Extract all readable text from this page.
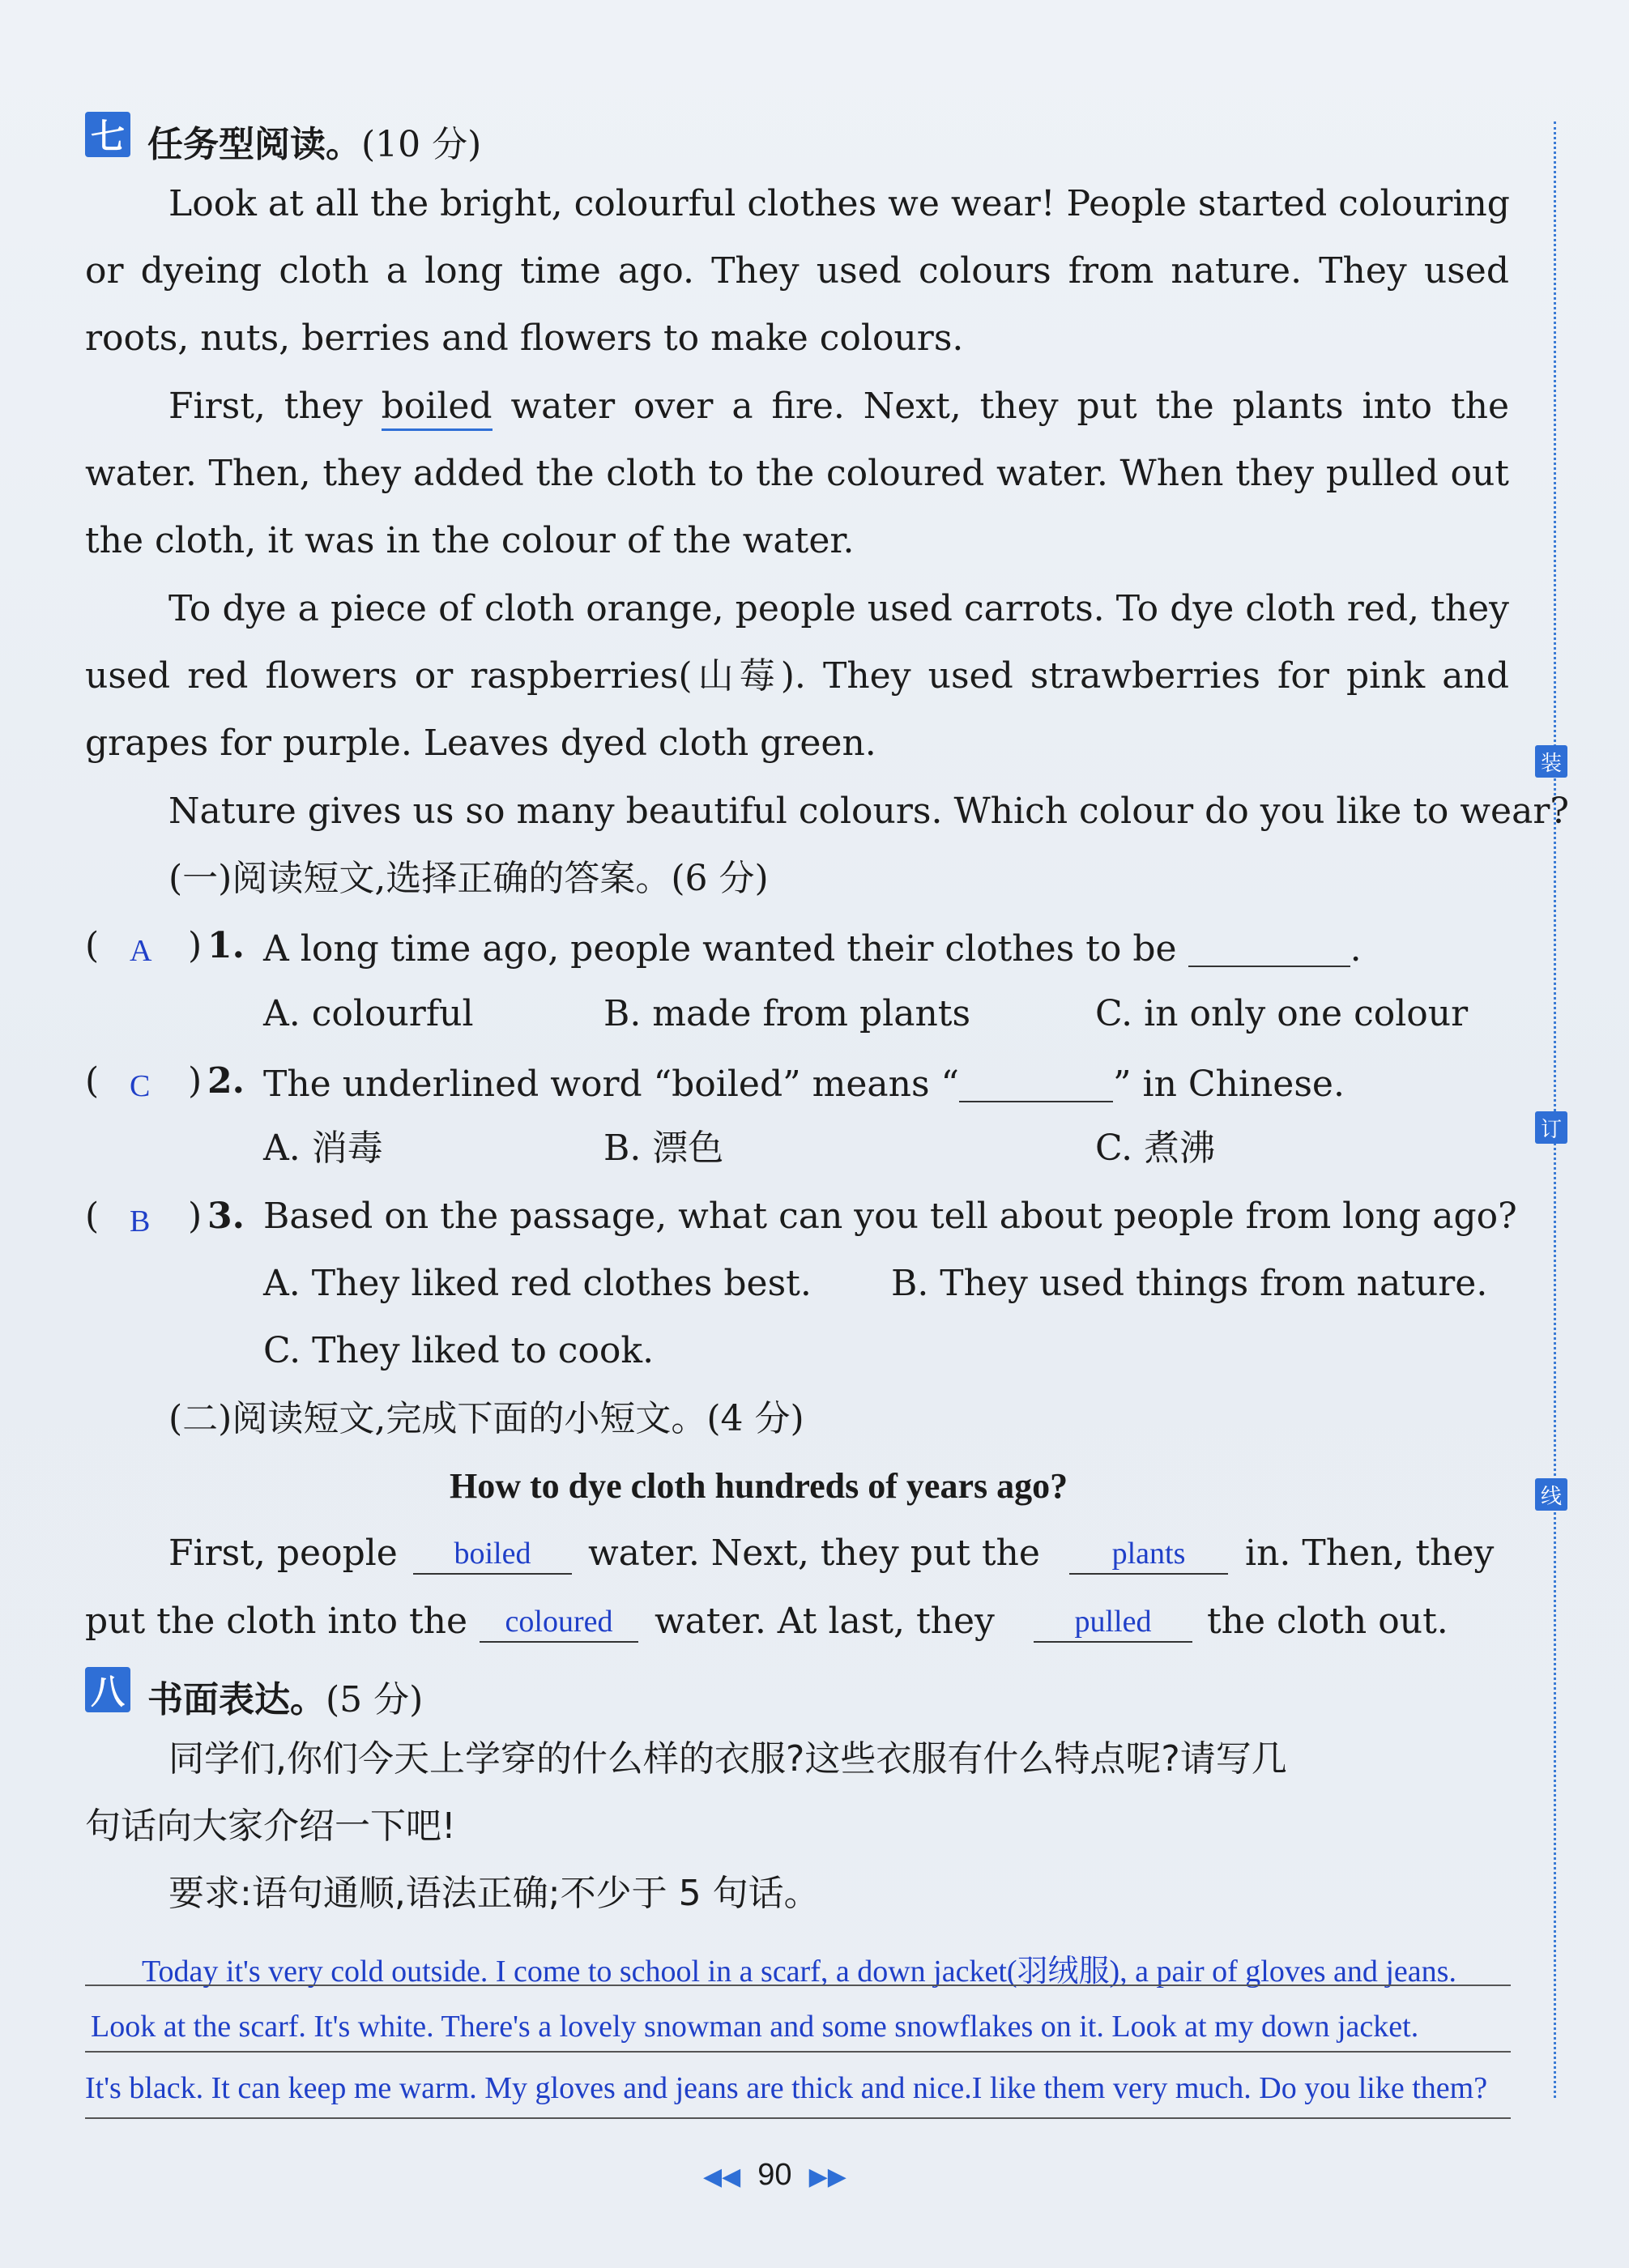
装
订
线
七 任务型阅读。(10 分)
Look at all the bright, colourful clothes we wear! People started colouring
or dyeing cloth a long time ago. They used colours from nature. They used
roots, nuts, berries and flowers to make colours.
First, they boiled water over a fire. Next, they put the plants into the
water. Then, they added the cloth to the coloured water. When they pulled out
the cloth, it was in the colour of the water.
To dye a piece of cloth orange, people used carrots. To dye cloth red, they
used red flowers or raspberries(山莓). They used strawberries for pink and
grapes for purple. Leaves dyed cloth green.
Nature gives us so many beautiful colours. Which colour do you like to wear?
(一)阅读短文,选择正确的答案。(6 分)
( A ) 1. A long time ago, people wanted their clothes to be	.
A. colourful	B. made from plants	C. in only one colour
( C ) 2. The underlined word “boiled” means “	” in Chinese.
A. 消毒	B. 漂色	C. 煮沸
( B ) 3. Based on the passage, what can you tell about people from long ago?
A. They liked red clothes best. B. They used things from nature.
C. They liked to cook.
(二)阅读短文,完成下面的小短文。(4 分)
How to dye cloth hundreds of years ago?
First, people	boiled	water. Next, they put the	plants	in. Then, they
put the cloth into the	coloured	water. At last, they	pulled	the cloth out.
八 书面表达。(5 分)
同学们,你们今天上学穿的什么样的衣服?这些衣服有什么特点呢?请写几
句话向大家介绍一下吧!
要求:语句通顺,语法正确;不少于 5 句话。
Today it's very cold outside. I come to school in a scarf, a down jacket(羽绒服), a pair of gloves and jeans.
Look at the scarf. It's white. There's a lovely snowman and some snowflakes on it. Look at my down jacket.
It's black. It can keep me warm. My gloves and jeans are thick and nice.I like them very much. Do you like them?
◀◀ 90 ▶▶
